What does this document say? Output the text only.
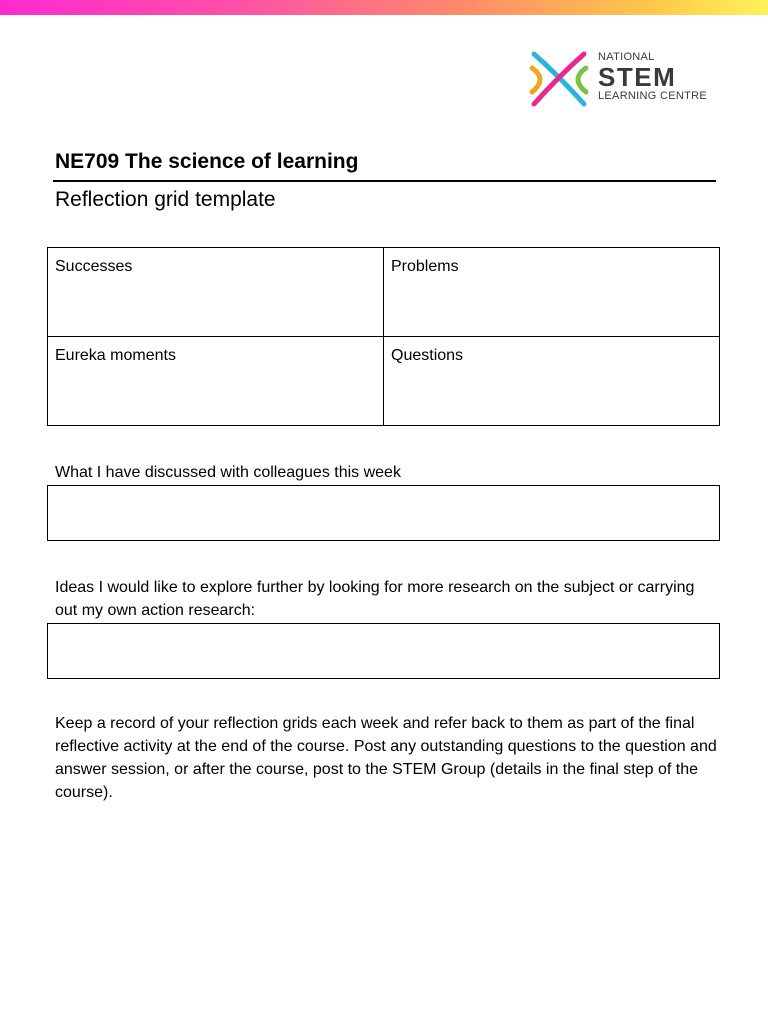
NATIONAL
STEM
LEARNING CENTRE
NE709 The science of learning
Reflection grid template
Successes	Problems
Eureka moments	Questions
What I have discussed with colleagues this week
Ideas I would like to explore further by looking for more research on the subject or carrying out my own action research:
Keep a record of your reflection grids each week and refer back to them as part of the final reflective activity at the end of the course. Post any outstanding questions to the question and answer session, or after the course, post to the STEM Group (details in the final step of the course).
